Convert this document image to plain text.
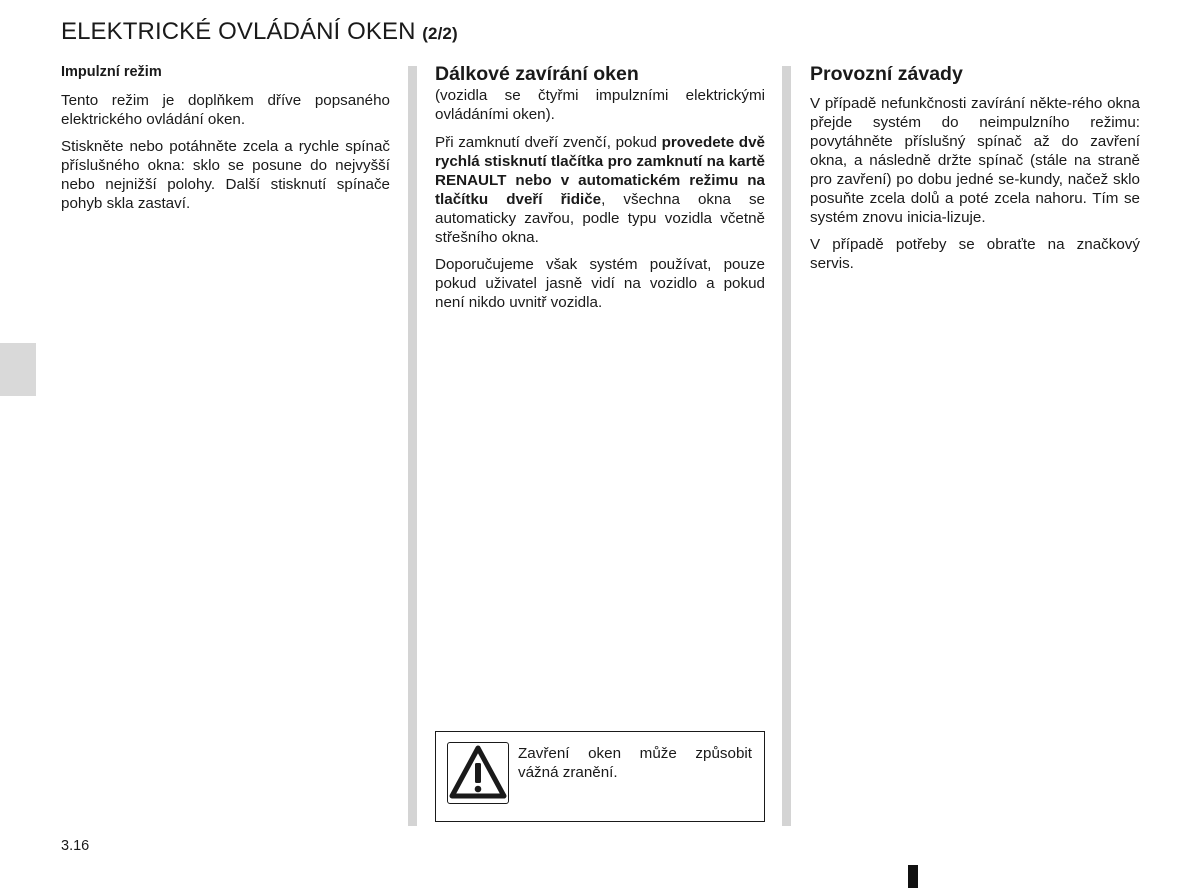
ELEKTRICKÉ OVLÁDÁNÍ OKEN (2/2)

Impulzní režim

Tento režim je doplňkem dříve popsaného elektrického ovládání oken.

Stiskněte nebo potáhněte zcela a rychle spínač příslušného okna: sklo se posune do nejvyšší nebo nejnižší polohy. Další stisknutí spínače pohyb skla zastaví.

Dálkové zavírání oken

(vozidla se čtyřmi impulzními elektrickými ovládáními oken).

Při zamknutí dveří zvenčí, pokud provedete dvě rychlá stisknutí tlačítka pro zamknutí na kartě RENAULT nebo v automatickém režimu na tlačítku dveří řidiče, všechna okna se automaticky zavřou, podle typu vozidla včetně střešního okna.

Doporučujeme však systém používat, pouze pokud uživatel jasně vidí na vozidlo a pokud není nikdo uvnitř vozidla.

Provozní závady

V případě nefunkčnosti zavírání někte-rého okna přejde systém do neimpulzního režimu: povytáhněte příslušný spínač až do zavření okna, a následně držte spínač (stále na straně pro zavření) po dobu jedné se-kundy, načež sklo posuňte zcela dolů a poté zcela nahoru. Tím se systém znovu inicia-lizuje.

V případě potřeby se obraťte na značkový servis.

Zavření oken může způsobit vážná zranění.
3.16
